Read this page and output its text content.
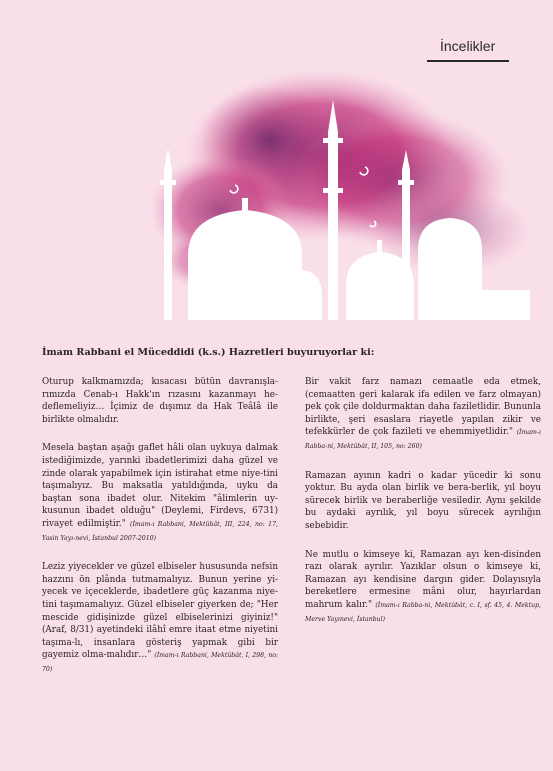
İncelikler

İmam Rabbani el Müceddidi (k.s.) Hazretleri buyuruyorlar ki:

Oturup kalkmamızda; kısacası bütün davranışla-rımızda Cenab-ı Hakk'ın rızasını kazanmayı he-deflemeliyiz… İçimiz de dışımız da Hak Teâlâ ile birlikte olmalıdır.

Mesela baştan aşağı gaflet hâli olan uykuya dalmak istediğimizde, yarınki ibadetlerimizi daha güzel ve zinde olarak yapabilmek için istirahat etme niye-tini taşımalıyız. Bu maksatla yatıldığında, uyku da baştan sona ibadet olur. Nitekim "âlimlerin uy-kusunun ibadet olduğu" (Deylemi, Firdevs, 6731) rivayet edilmiştir." (İmam-ı Rabbani, Mektûbât, III, 224, no: 17, Yasin Yayı-nevi, İstanbul 2007-2010)

Leziz yiyecekler ve güzel elbiseler hususunda nefsin hazzını ön plânda tutmamalıyız. Bunun yerine yi-yecek ve içeceklerde, ibadetlere güç kazanma niye-tini taşımamalıyız. Güzel elbiseler giyerken de; "Her mescide gidişinizde güzel elbiselerinizi giyiniz!" (Araf, 8/31) ayetindeki ilâhî emre itaat etme niyetini taşıma-lı, insanlara gösteriş yapmak gibi bir gayemiz olma-malıdır…" (İmam-ı Rabbani, Mektûbât, I, 298, no: 70)

Bir vakit farz namazı cemaatle eda etmek, (cemaatten geri kalarak ifa edilen ve farz olmayan) pek çok çile doldurmaktan daha faziletlidir. Bununla birlikte, şeri esaslara riayetle yapılan zikir ve tefekkürler de çok fazileti ve ehemmiyetlidir." (İmam-ı Rabba-ni, Mektûbât, II, 105, no: 260)

Ramazan ayının kadri o kadar yücedir ki sonu yoktur. Bu ayda olan birlik ve bera-berlik, yıl boyu sürecek birlik ve beraberliğe vesiledir. Aynı şekilde bu aydaki ayrılık, yıl boyu sürecek ayrılığın sebebidir.

Ne mutlu o kimseye ki, Ramazan ayı ken-disinden razı olarak ayrılır. Yazıklar olsun o kimseye ki, Ramazan ayı kendisine dargın gider. Dolayısıyla bereketlere ermesine mâni olur, hayırlardan mahrum kalır." (İmam-ı Rabba-ni, Mektûbât, c. I, sf. 45, 4. Mektup, Merve Yayınevi, İstanbul)
